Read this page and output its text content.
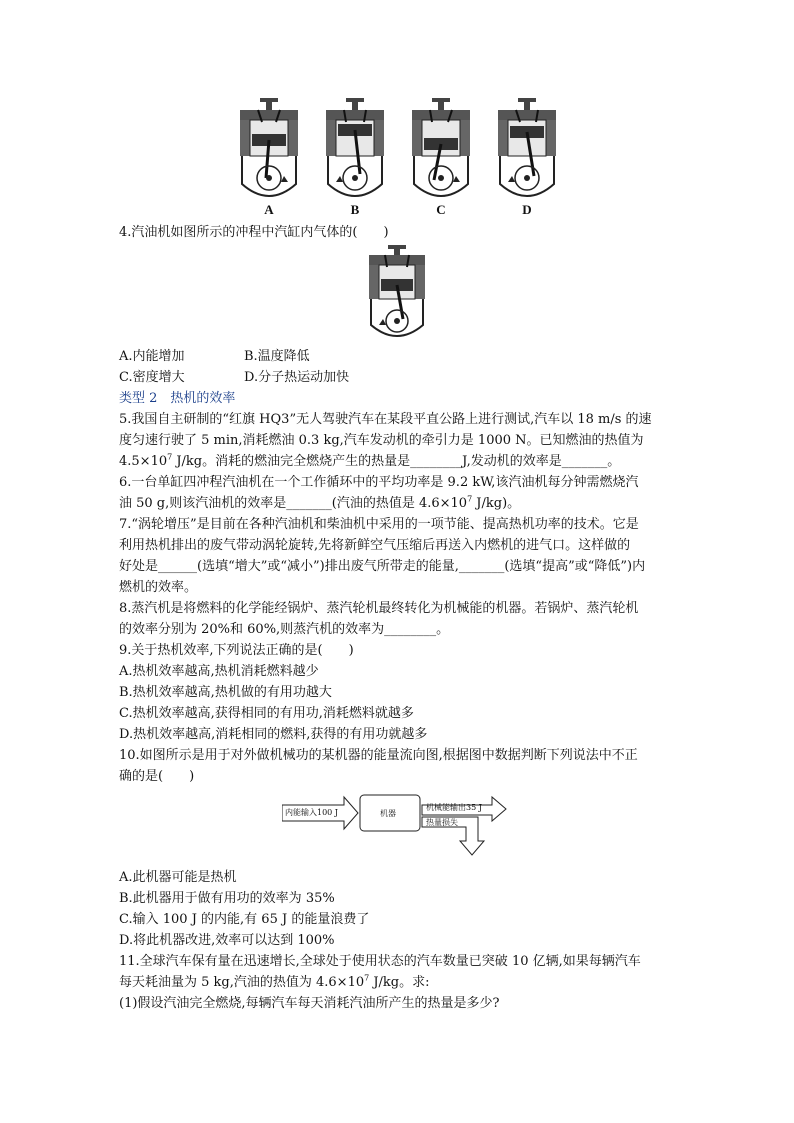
A	B	C	D
4.汽油机如图所示的冲程中汽缸内气体的(　　)
A.内能增加	B.温度降低
C.密度增大	D.分子热运动加快
类型 2　热机的效率
5.我国自主研制的“红旗 HQ3”无人驾驶汽车在某段平直公路上进行测试,汽车以 18 m/s 的速
度匀速行驶了 5 min,消耗燃油 0.3 kg,汽车发动机的牵引力是 1000 N。已知燃油的热值为
$4.5\times 10^7$ J/kg。消耗的燃油完全燃烧产生的热量是________J,发动机的效率是_______。
6.一台单缸四冲程汽油机在一个工作循环中的平均功率是 9.2 kW,该汽油机每分钟需燃烧汽
油 50 g,则该汽油机的效率是_______(汽油的热值是 $4.6\times 10^7$ J/kg)。
7.“涡轮增压”是目前在各种汽油机和柴油机中采用的一项节能、提高热机功率的技术。它是
利用热机排出的废气带动涡轮旋转,先将新鲜空气压缩后再送入内燃机的进气口。这样做的
好处是______(选填“增大”或“减小”)排出废气所带走的能量,_______(选填“提高”或“降低”)内
燃机的效率。
8.蒸汽机是将燃料的化学能经锅炉、蒸汽轮机最终转化为机械能的机器。若锅炉、蒸汽轮机
的效率分别为 20%和 60%,则蒸汽机的效率为________。
9.关于热机效率,下列说法正确的是(　　)
A.热机效率越高,热机消耗燃料越少
B.热机效率越高,热机做的有用功越大
C.热机效率越高,获得相同的有用功,消耗燃料就越多
D.热机效率越高,消耗相同的燃料,获得的有用功就越多
10.如图所示是用于对外做机械功的某机器的能量流向图,根据图中数据判断下列说法中不正
确的是(　　)
内能输入100 J	机器
机械能输出35 J
热量损失
A.此机器可能是热机
B.此机器用于做有用功的效率为 35%
C.输入 100 J 的内能,有 65 J 的能量浪费了
D.将此机器改进,效率可以达到 100%
11.全球汽车保有量在迅速增长,全球处于使用状态的汽车数量已突破 10 亿辆,如果每辆汽车
每天耗油量为 5 kg,汽油的热值为 $4.6\times 10^7$ J/kg。求:
(1)假设汽油完全燃烧,每辆汽车每天消耗汽油所产生的热量是多少?
